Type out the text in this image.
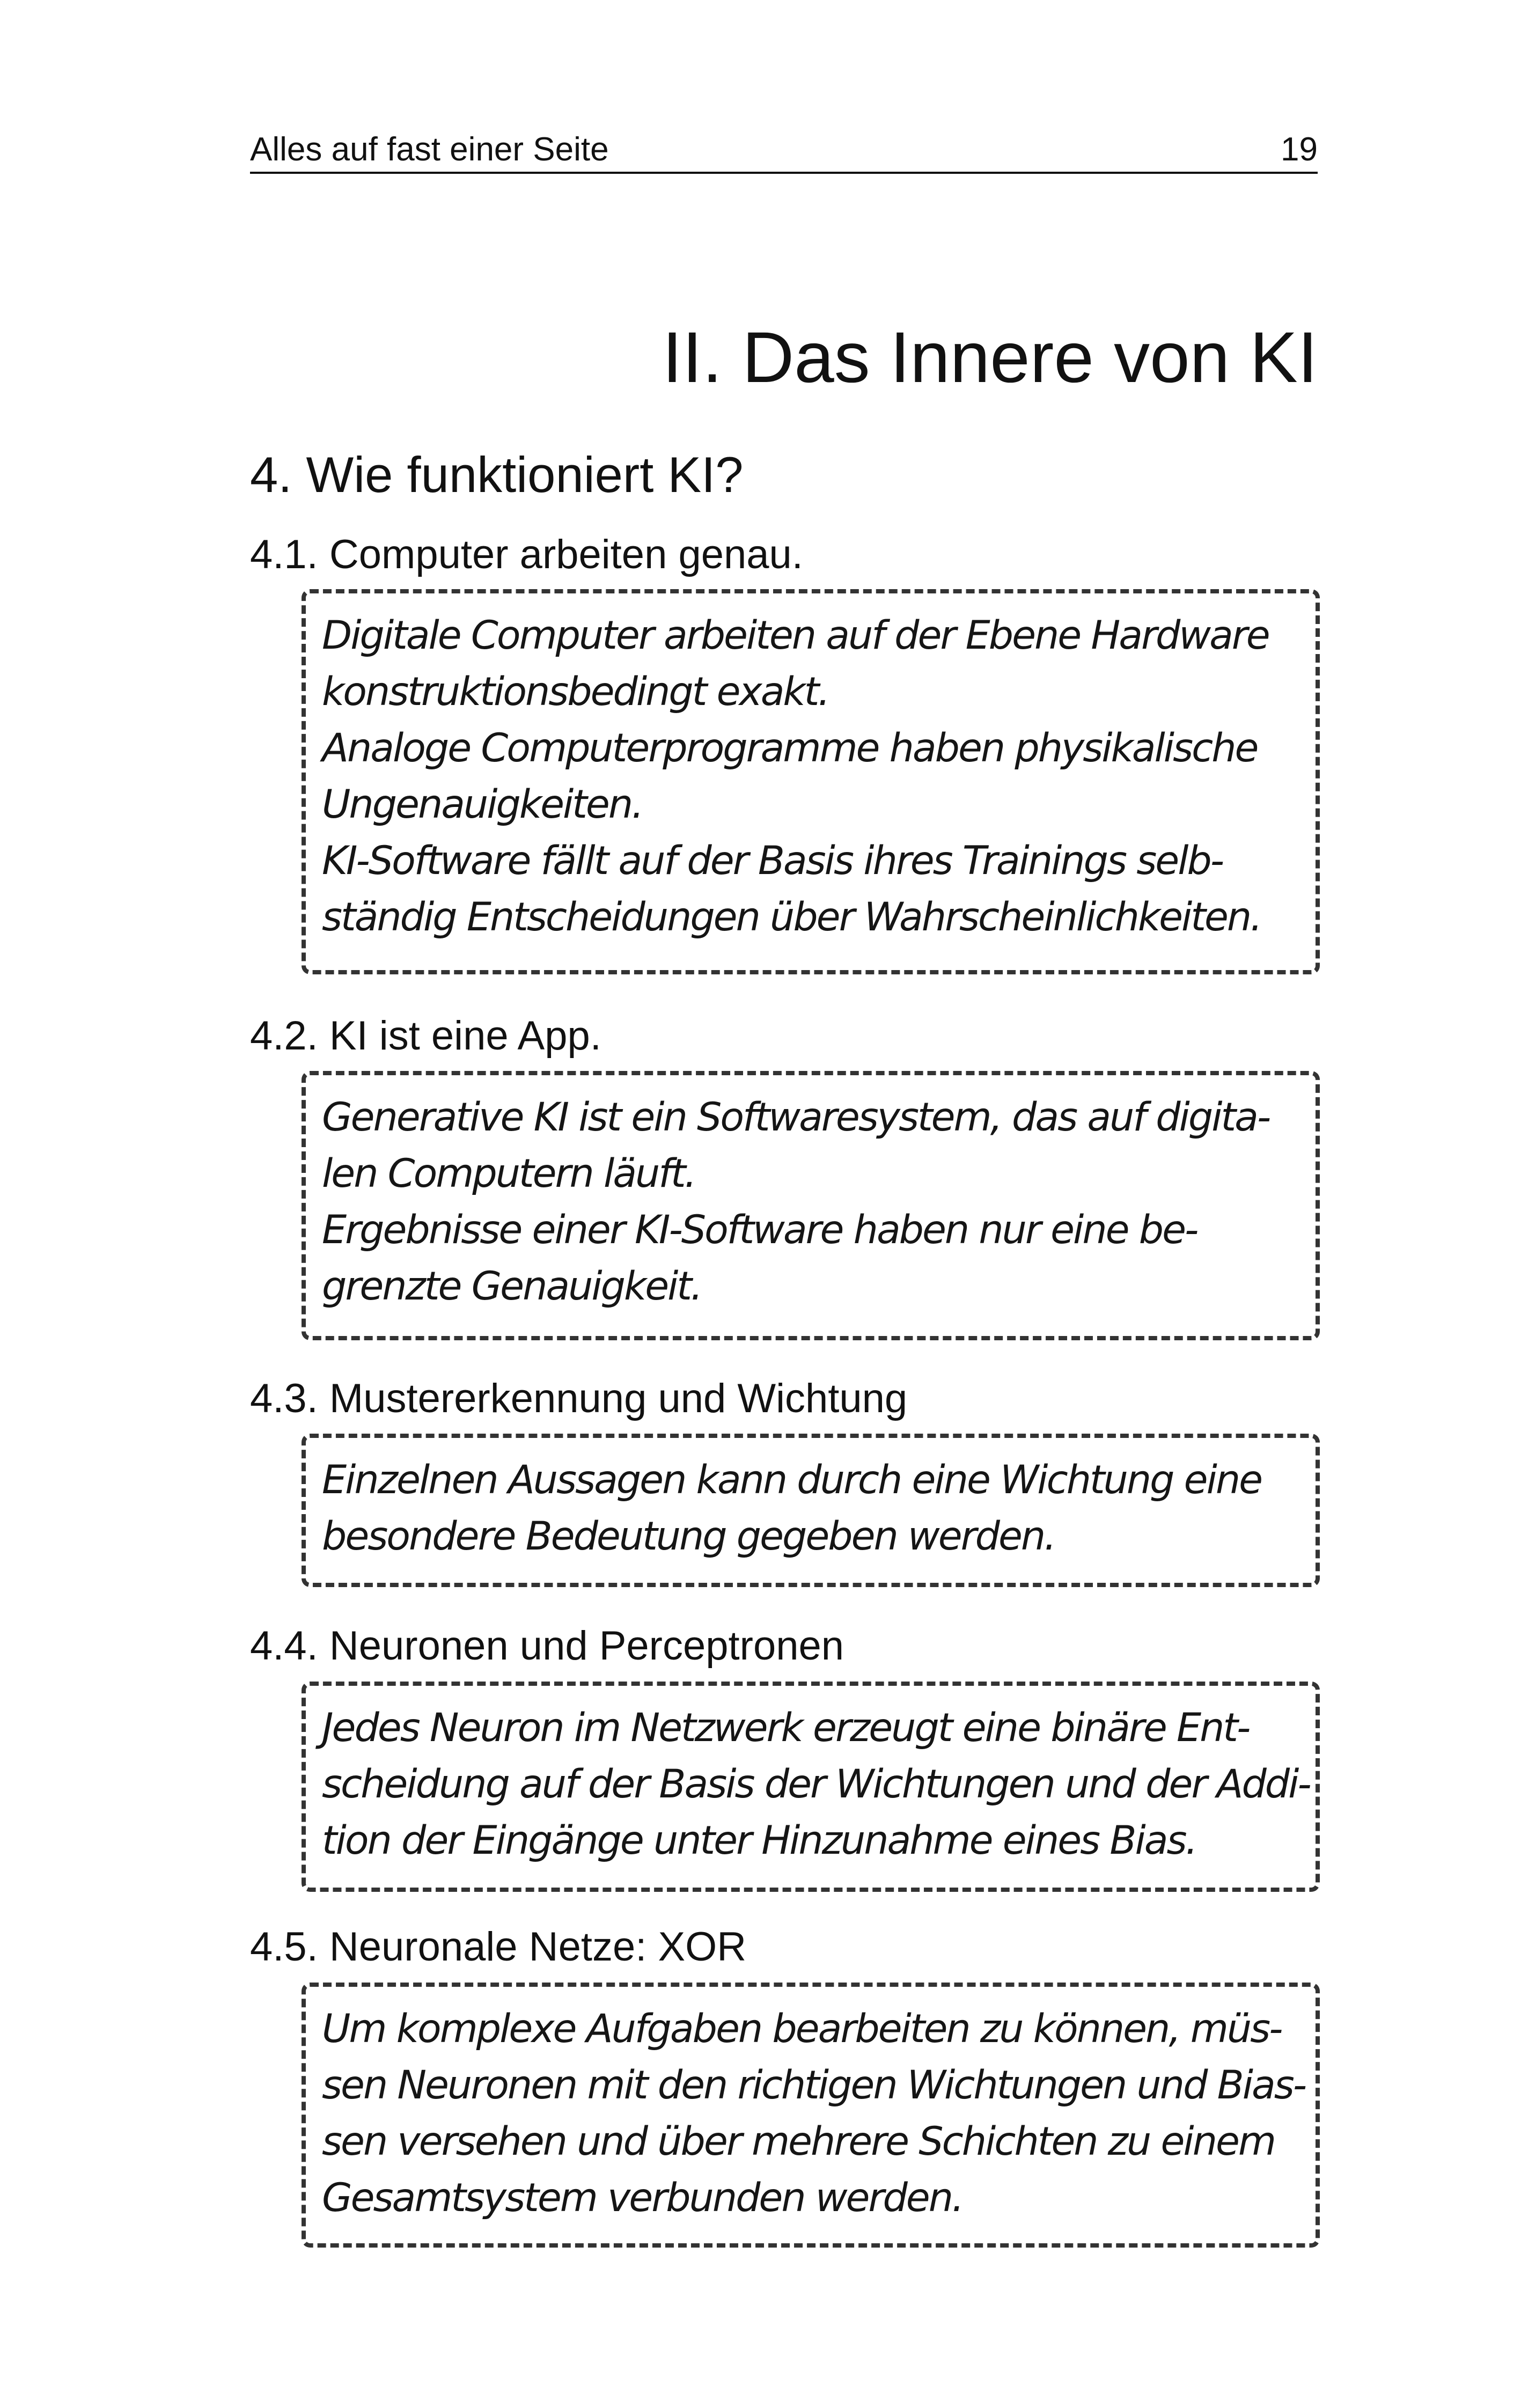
Alles auf fast einer Seite	19
II. Das Innere von KI
4. Wie funktioniert KI?
4.1. Computer arbeiten genau.

Digitale Computer arbeiten auf der Ebene Hardware

konstruktionsbedingt exakt.

Analoge Computerprogramme haben physikalische

Ungenauigkeiten.

KI-Software fällt auf der Basis ihres Trainings selb-

ständig Entscheidungen über Wahrscheinlichkeiten.

4.2. KI ist eine App.

Generative KI ist ein Softwaresystem, das auf digita-

len Computern läuft.

Ergebnisse einer KI-Software haben nur eine be-

grenzte Genauigkeit.

4.3. Mustererkennung und Wichtung

Einzelnen Aussagen kann durch eine Wichtung eine

besondere Bedeutung gegeben werden.

4.4. Neuronen und Perceptronen

Jedes Neuron im Netzwerk erzeugt eine binäre Ent-

scheidung auf der Basis der Wichtungen und der Addi-

tion der Eingänge unter Hinzunahme eines Bias.

4.5. Neuronale Netze: XOR

Um komplexe Aufgaben bearbeiten zu können, müs-

sen Neuronen mit den richtigen Wichtungen und Bias-

sen versehen und über mehrere Schichten zu einem

Gesamtsystem verbunden werden.
